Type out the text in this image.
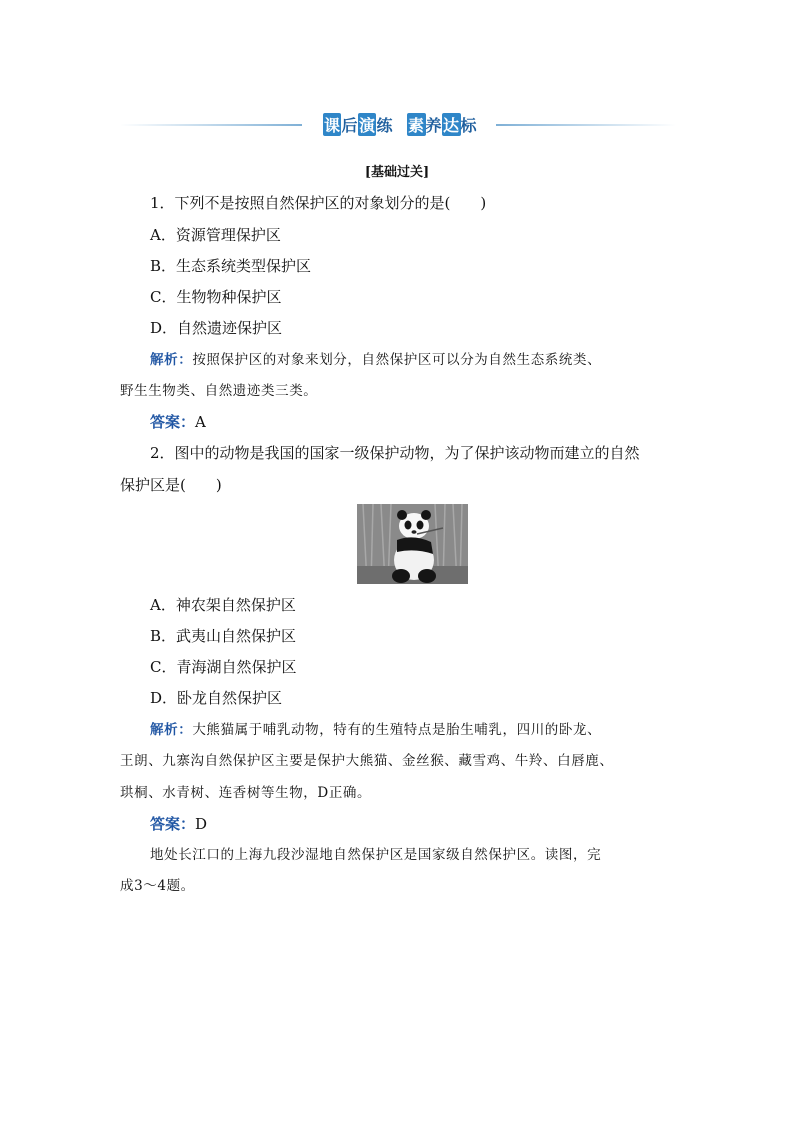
课后演练 素养达标
[基础过关]
1．下列不是按照自然保护区的对象划分的是(　　)
A．资源管理保护区
B．生态系统类型保护区
C．生物物种保护区
D．自然遗迹保护区
解析：按照保护区的对象来划分，自然保护区可以分为自然生态系统类、
野生生物类、自然遗迹类三类。
答案：A
2．图中的动物是我国的国家一级保护动物，为了保护该动物而建立的自然
保护区是(　　)
A．神农架自然保护区
B．武夷山自然保护区
C．青海湖自然保护区
D．卧龙自然保护区
解析：大熊猫属于哺乳动物，特有的生殖特点是胎生哺乳，四川的卧龙、
王朗、九寨沟自然保护区主要是保护大熊猫、金丝猴、藏雪鸡、牛羚、白唇鹿、
珙桐、水青树、连香树等生物，D正确。
答案：D
地处长江口的上海九段沙湿地自然保护区是国家级自然保护区。读图，完
成3～4题。
